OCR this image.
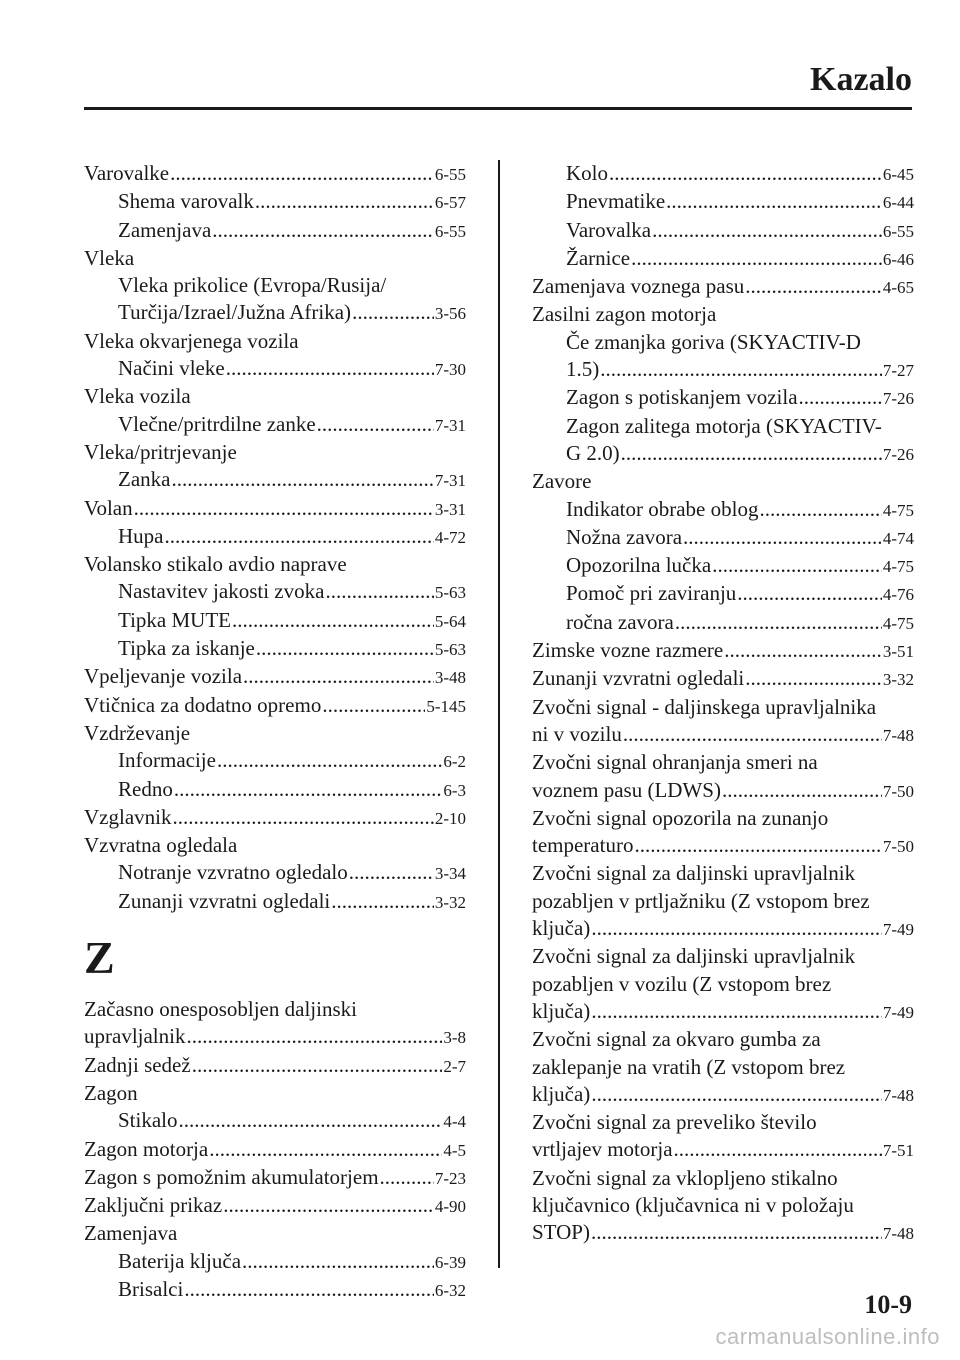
Kazalo
Varovalke .....	6-55
Shema varovalk .....	6-57
Zamenjava .....	6-55
Vleka
Vleka prikolice (Evropa/Rusija/
Turčija/Izrael/Južna Afrika) .....	3-56
Vleka okvarjenega vozila
Načini vleke .....	7-30
Vleka vozila
Vlečne/pritrdilne zanke .....	7-31
Vleka/pritrjevanje
Zanka .....	7-31
Volan .....	3-31
Hupa .....	4-72
Volansko stikalo avdio naprave
Nastavitev jakosti zvoka .....	5-63
Tipka MUTE .....	5-64
Tipka za iskanje .....	5-63
Vpeljevanje vozila .....	3-48
Vtičnica za dodatno opremo .....	5-145
Vzdrževanje
Informacije .....	6-2
Redno .....	6-3
Vzglavnik .....	2-10
Vzvratna ogledala
Notranje vzvratno ogledalo .....	3-34
Zunanji vzvratni ogledali .....	3-32
Z
Začasno onesposobljen daljinski
upravljalnik .....	3-8
Zadnji sedež .....	2-7
Zagon
Stikalo .....	4-4
Zagon motorja .....	4-5
Zagon s pomožnim akumulatorjem .....	7-23
Zaključni prikaz .....	4-90
Zamenjava
Baterija ključa .....	6-39
Brisalci .....	6-32
Kolo .....	6-45
Pnevmatike .....	6-44
Varovalka .....	6-55
Žarnice .....	6-46
Zamenjava voznega pasu .....	4-65
Zasilni zagon motorja
Če zmanjka goriva (SKYACTIV-D
1.5) .....	7-27
Zagon s potiskanjem vozila .....	7-26
Zagon zalitega motorja (SKYACTIV-
G 2.0) .....	7-26
Zavore
Indikator obrabe oblog .....	4-75
Nožna zavora .....	4-74
Opozorilna lučka .....	4-75
Pomoč pri zaviranju .....	4-76
ročna zavora .....	4-75
Zimske vozne razmere .....	3-51
Zunanji vzvratni ogledali .....	3-32
Zvočni signal - daljinskega upravljalnika
ni v vozilu .....	7-48
Zvočni signal ohranjanja smeri na
voznem pasu (LDWS) .....	7-50
Zvočni signal opozorila na zunanjo
temperaturo .....	7-50
Zvočni signal za daljinski upravljalnik
pozabljen v prtljažniku (Z vstopom brez
ključa) .....	7-49
Zvočni signal za daljinski upravljalnik
pozabljen v vozilu (Z vstopom brez
ključa) .....	7-49
Zvočni signal za okvaro gumba za
zaklepanje na vratih (Z vstopom brez
ključa) .....	7-48
Zvočni signal za preveliko število
vrtljajev motorja .....	7-51
Zvočni signal za vklopljeno stikalno
ključavnico (ključavnica ni v položaju
STOP) .....	7-48
10-9
carmanualsonline.info
